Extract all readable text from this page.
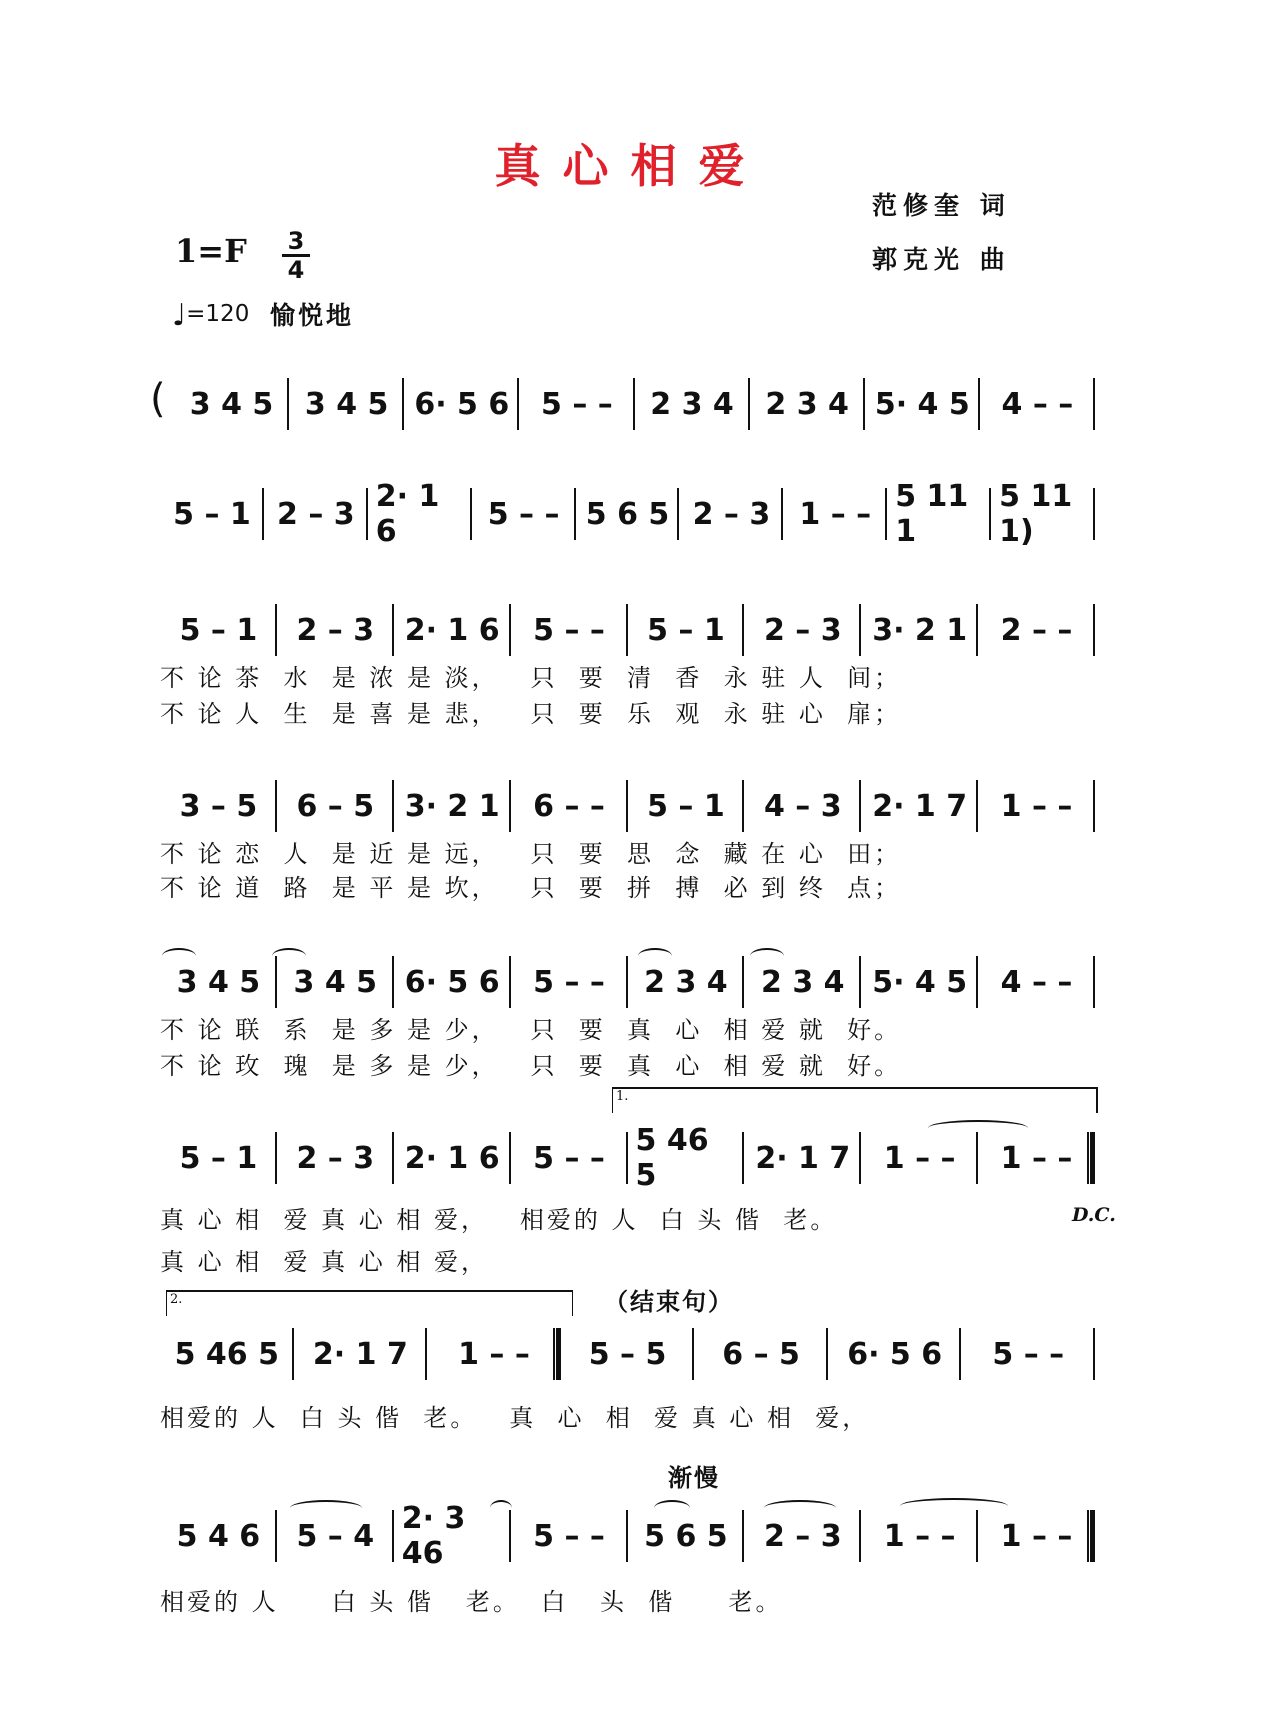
真心相爱
范修奎 词
郭克光 曲
1=F 3
4
♩=120 愉悦地
( 3 4 5	3 4 5 6· 5 6	5 – –	2 3 4	2 3 4 5· 4 5	4 – –
5 – 1 2 – 3 2· 1 6	5 – – 5 6 5 2 – 3 1 – – 5 11 1
5 11 1)
5 – 1	2 – 3	2· 1 6	5 – –	5 – 1	2 – 3	3· 2 1	2 – –
不 论 茶  水  是 浓 是 淡，   只  要  清  香  永 驻 人  间；
不 论 人  生  是 喜 是 悲，   只  要  乐  观  永 驻 心  扉；
3 – 5	6 – 5	3· 2 1	6 – –	5 – 1	4 – 3	2· 1 7	1 – –
不 论 恋  人  是 近 是 远，   只  要  思  念  藏 在 心  田；
不 论 道  路  是 平 是 坎，   只  要  拼  搏  必 到 终  点；
3 4 5	3 4 5 6· 5 6	5 – –	2 3 4	2 3 4 5· 4 5	4 – –
不 论 联  系  是 多 是 少，   只  要  真  心  相 爱 就  好。
不 论 玫  瑰  是 多 是 少，   只  要  真  心  相 爱 就  好。
1.
5 – 1	2 – 3	2· 1 6	5 – –	5 46 5	2· 1 7	1 – –	1 – –
真 心 相  爱 真 心 相 爱，   相爱的 人  白 头 偕  老。
真 心 相  爱 真 心 相 爱，
D.C.
2.	（结束句）
5 46 5	2· 1 7	1 – –	5 – 5	6 – 5	6· 5 6	5 – –
相爱的 人  白 头 偕  老。   真  心  相  爱 真 心 相  爱，
渐慢
5 4 6	5 – 4 2· 3 46	5 – –	5 6 5	2 – 3	1 – –	1 – –
相爱的 人     白 头 偕   老。  白   头  偕     老。
